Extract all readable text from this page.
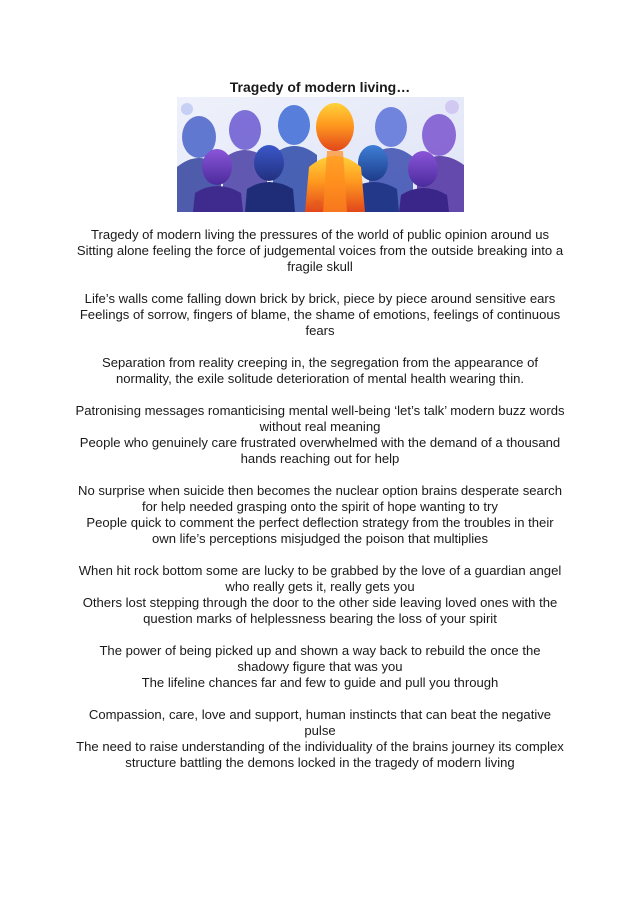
Tragedy of modern living…
Tragedy of modern living the pressures of the world of public opinion around us
Sitting alone feeling the force of judgemental voices from the outside breaking into a fragile skull
Life’s walls come falling down brick by brick, piece by piece around sensitive ears
Feelings of sorrow, fingers of blame, the shame of emotions, feelings of continuous fears
Separation from reality creeping in, the segregation from the appearance of normality, the exile solitude deterioration of mental health wearing thin.
Patronising messages romanticising mental well-being ‘let’s talk’ modern buzz words without real meaning
People who genuinely care frustrated overwhelmed with the demand of a thousand hands reaching out for help
No surprise when suicide then becomes the nuclear option brains desperate search for help needed grasping onto the spirit of hope wanting to try
People quick to comment the perfect deflection strategy from the troubles in their own life’s perceptions misjudged the poison that multiplies
When hit rock bottom some are lucky to be grabbed by the love of a guardian angel who really gets it, really gets you
Others lost stepping through the door to the other side leaving loved ones with the question marks of helplessness bearing the loss of your spirit
The power of being picked up and shown a way back to rebuild the once the shadowy figure that was you
The lifeline chances far and few to guide and pull you through
Compassion, care, love and support, human instincts that can beat the negative pulse
The need to raise understanding of the individuality of the brains journey its complex structure battling the demons locked in the tragedy of modern living
